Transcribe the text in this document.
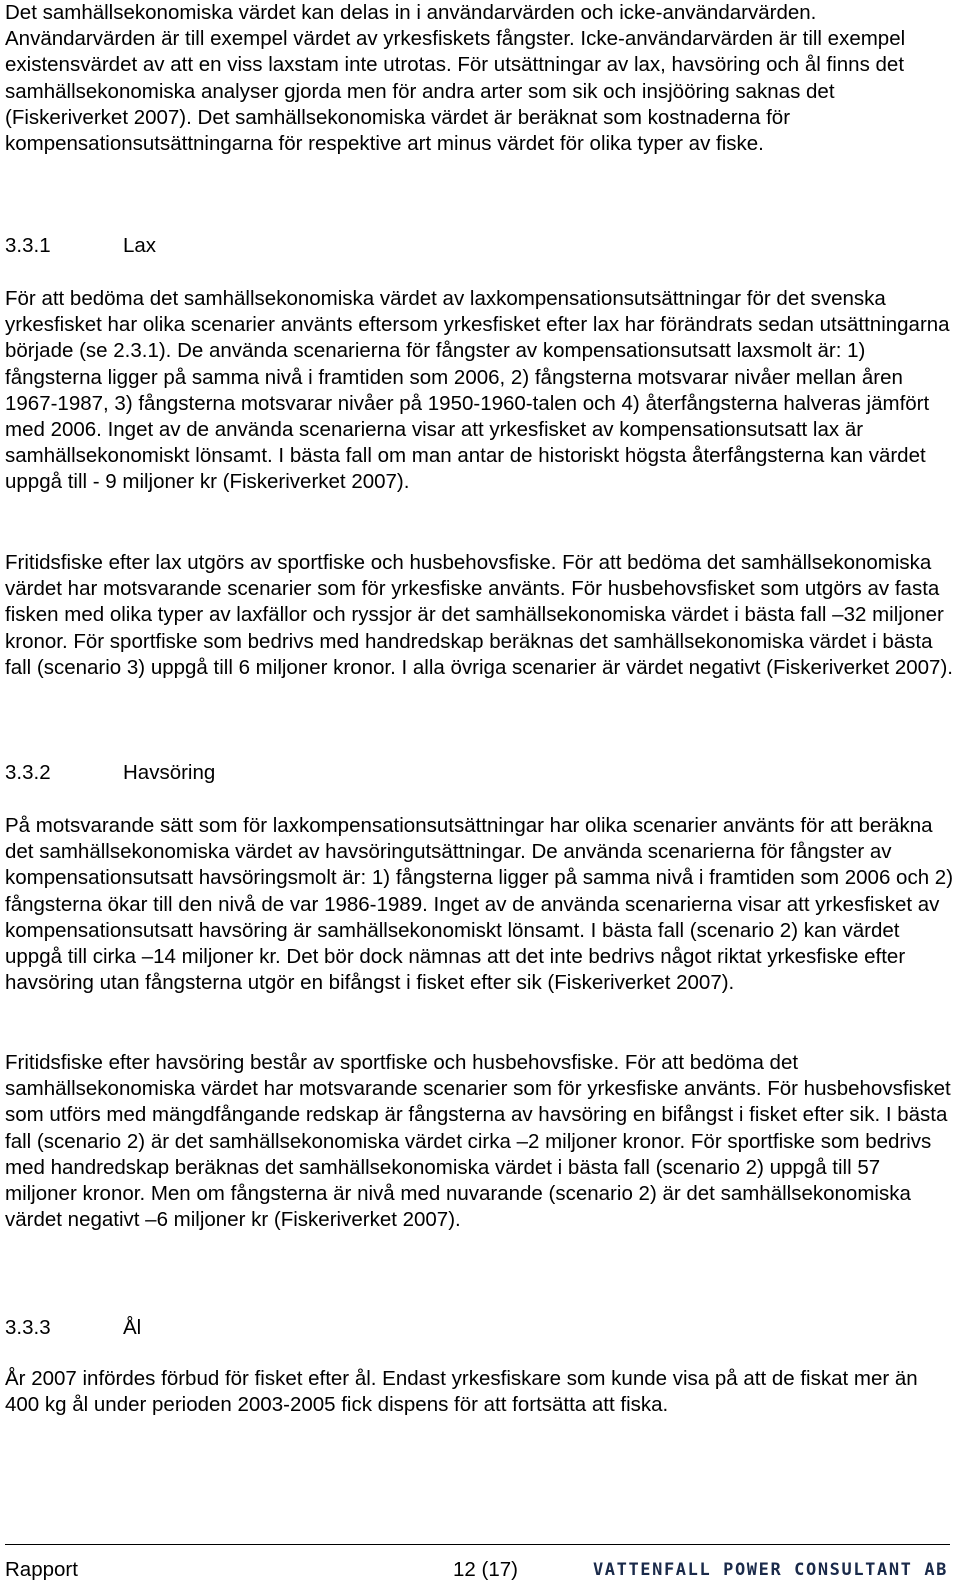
Det samhällsekonomiska värdet kan delas in i användarvärden och icke-användarvärden. Användarvärden är till exempel värdet av yrkesfiskets fångster. Icke-användarvärden är till exempel existensvärdet av att en viss laxstam inte utrotas. För utsättningar av lax, havsöring och ål finns det samhällsekonomiska analyser gjorda men för andra arter som sik och insjööring saknas det (Fiskeriverket 2007). Det samhällsekonomiska värdet är beräknat som kostnaderna för kompensationsutsättningarna för respektive art minus värdet för olika typer av fiske.

3.3.1	Lax

För att bedöma det samhällsekonomiska värdet av laxkompensationsutsättningar för det svenska yrkesfisket har olika scenarier använts eftersom yrkesfisket efter lax har förändrats sedan utsättningarna började (se 2.3.1). De använda scenarierna för fångster av kompensationsutsatt laxsmolt är: 1) fångsterna ligger på samma nivå i framtiden som 2006, 2) fångsterna motsvarar nivåer mellan åren 1967-1987, 3) fångsterna motsvarar nivåer på 1950-1960-talen och 4) återfångsterna halveras jämfört med 2006. Inget av de använda scenarierna visar att yrkesfisket av kompensationsutsatt lax är samhällsekonomiskt lönsamt. I bästa fall om man antar de historiskt högsta återfångsterna kan värdet uppgå till - 9 miljoner kr (Fiskeriverket 2007).

Fritidsfiske efter lax utgörs av sportfiske och husbehovsfiske. För att bedöma det samhällsekonomiska värdet har motsvarande scenarier som för yrkesfiske använts. För husbehovsfisket som utgörs av fasta fisken med olika typer av laxfällor och ryssjor är det samhällsekonomiska värdet i bästa fall –32 miljoner kronor. För sportfiske som bedrivs med handredskap beräknas det samhällsekonomiska värdet i bästa fall (scenario 3) uppgå till 6 miljoner kronor. I alla övriga scenarier är värdet negativt (Fiskeriverket 2007).

3.3.2	Havsöring

På motsvarande sätt som för laxkompensationsutsättningar har olika scenarier använts för att beräkna det samhällsekonomiska värdet av havsöringutsättningar. De använda scenarierna för fångster av kompensationsutsatt havsöringsmolt är: 1) fångsterna ligger på samma nivå i framtiden som 2006 och 2) fångsterna ökar till den nivå de var 1986-1989. Inget av de använda scenarierna visar att yrkesfisket av kompensationsutsatt havsöring är samhällsekonomiskt lönsamt. I bästa fall (scenario 2) kan värdet uppgå till cirka –14 miljoner kr. Det bör dock nämnas att det inte bedrivs något riktat yrkesfiske efter havsöring utan fångsterna utgör en bifångst i fisket efter sik (Fiskeriverket 2007).

Fritidsfiske efter havsöring består av sportfiske och husbehovsfiske. För att bedöma det samhällsekonomiska värdet har motsvarande scenarier som för yrkesfiske använts. För husbehovsfisket som utförs med mängdfångande redskap är fångsterna av havsöring en bifångst i fisket efter sik. I bästa fall (scenario 2) är det samhällsekonomiska värdet cirka –2 miljoner kronor. För sportfiske som bedrivs med handredskap beräknas det samhällsekonomiska värdet i bästa fall (scenario 2) uppgå till 57 miljoner kronor. Men om fångsterna är nivå med nuvarande (scenario 2) är det samhällsekonomiska värdet negativt –6 miljoner kr (Fiskeriverket 2007).

3.3.3	Ål

År 2007 infördes förbud för fisket efter ål. Endast yrkesfiskare som kunde visa på att de fiskat mer än 400 kg ål under perioden 2003-2005 fick dispens för att fortsätta att fiska.

Rapport	12 (17)	VATTENFALL POWER CONSULTANT AB
